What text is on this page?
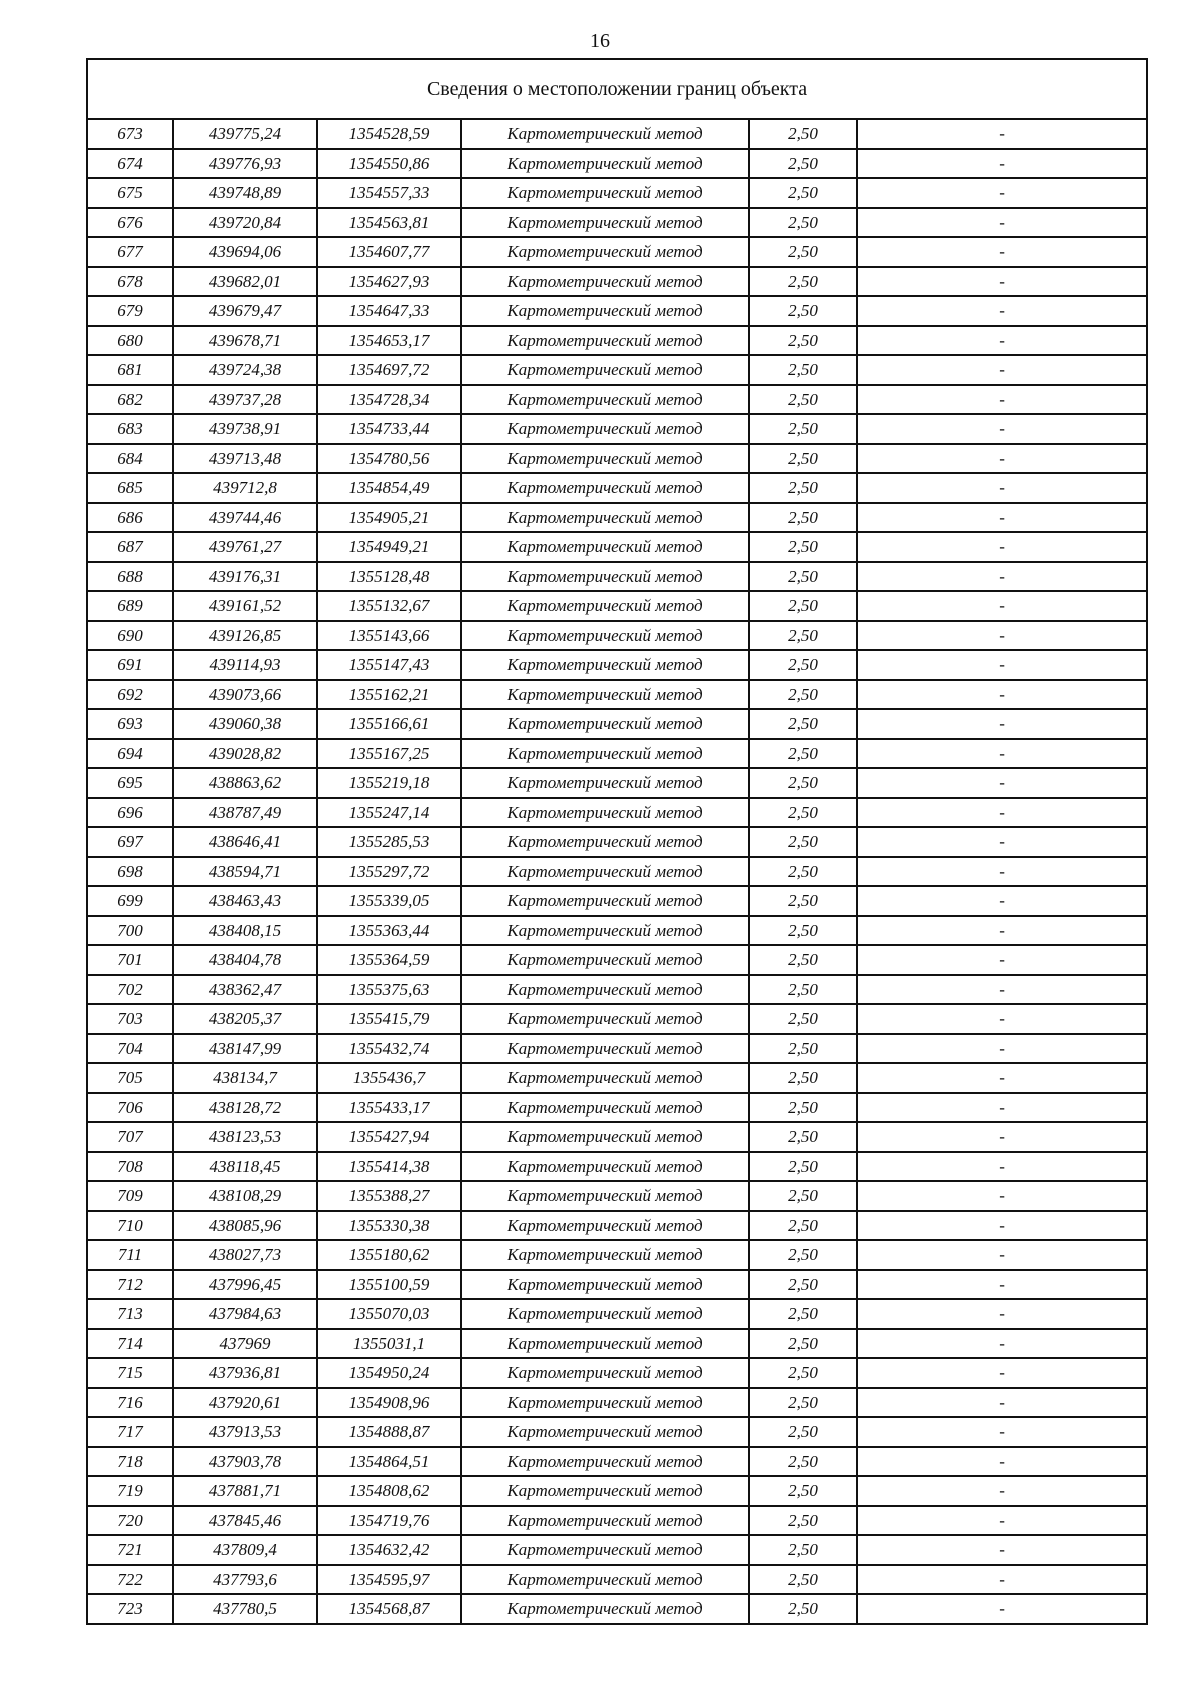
16
Сведения о местоположении границ объекта					
673	439775,24	1354528,59	Картометрический метод	2,50	-
674	439776,93	1354550,86	Картометрический метод	2,50	-
675	439748,89	1354557,33	Картометрический метод	2,50	-
676	439720,84	1354563,81	Картометрический метод	2,50	-
677	439694,06	1354607,77	Картометрический метод	2,50	-
678	439682,01	1354627,93	Картометрический метод	2,50	-
679	439679,47	1354647,33	Картометрический метод	2,50	-
680	439678,71	1354653,17	Картометрический метод	2,50	-
681	439724,38	1354697,72	Картометрический метод	2,50	-
682	439737,28	1354728,34	Картометрический метод	2,50	-
683	439738,91	1354733,44	Картометрический метод	2,50	-
684	439713,48	1354780,56	Картометрический метод	2,50	-
685	439712,8	1354854,49	Картометрический метод	2,50	-
686	439744,46	1354905,21	Картометрический метод	2,50	-
687	439761,27	1354949,21	Картометрический метод	2,50	-
688	439176,31	1355128,48	Картометрический метод	2,50	-
689	439161,52	1355132,67	Картометрический метод	2,50	-
690	439126,85	1355143,66	Картометрический метод	2,50	-
691	439114,93	1355147,43	Картометрический метод	2,50	-
692	439073,66	1355162,21	Картометрический метод	2,50	-
693	439060,38	1355166,61	Картометрический метод	2,50	-
694	439028,82	1355167,25	Картометрический метод	2,50	-
695	438863,62	1355219,18	Картометрический метод	2,50	-
696	438787,49	1355247,14	Картометрический метод	2,50	-
697	438646,41	1355285,53	Картометрический метод	2,50	-
698	438594,71	1355297,72	Картометрический метод	2,50	-
699	438463,43	1355339,05	Картометрический метод	2,50	-
700	438408,15	1355363,44	Картометрический метод	2,50	-
701	438404,78	1355364,59	Картометрический метод	2,50	-
702	438362,47	1355375,63	Картометрический метод	2,50	-
703	438205,37	1355415,79	Картометрический метод	2,50	-
704	438147,99	1355432,74	Картометрический метод	2,50	-
705	438134,7	1355436,7	Картометрический метод	2,50	-
706	438128,72	1355433,17	Картометрический метод	2,50	-
707	438123,53	1355427,94	Картометрический метод	2,50	-
708	438118,45	1355414,38	Картометрический метод	2,50	-
709	438108,29	1355388,27	Картометрический метод	2,50	-
710	438085,96	1355330,38	Картометрический метод	2,50	-
711	438027,73	1355180,62	Картометрический метод	2,50	-
712	437996,45	1355100,59	Картометрический метод	2,50	-
713	437984,63	1355070,03	Картометрический метод	2,50	-
714	437969	1355031,1	Картометрический метод	2,50	-
715	437936,81	1354950,24	Картометрический метод	2,50	-
716	437920,61	1354908,96	Картометрический метод	2,50	-
717	437913,53	1354888,87	Картометрический метод	2,50	-
718	437903,78	1354864,51	Картометрический метод	2,50	-
719	437881,71	1354808,62	Картометрический метод	2,50	-
720	437845,46	1354719,76	Картометрический метод	2,50	-
721	437809,4	1354632,42	Картометрический метод	2,50	-
722	437793,6	1354595,97	Картометрический метод	2,50	-
723	437780,5	1354568,87	Картометрический метод	2,50	-
